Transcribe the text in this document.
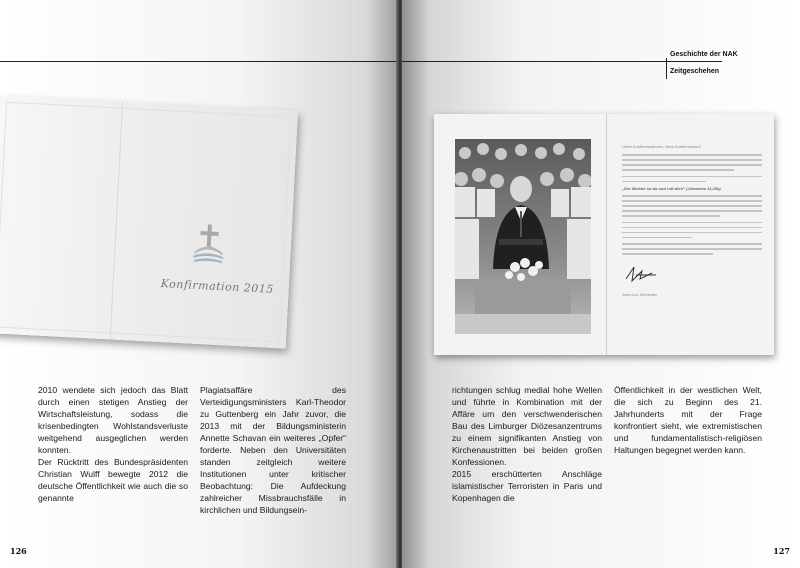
Konfirmation 2015

2010 wendete sich jedoch das Blatt durch einen stetigen Anstieg der Wirtschaftsleistung, sodass die krisenbedingten Wohlstandsverluste weitgehend ausgeglichen werden konnten.

Der Rücktritt des Bundespräsidenten Christian Wulff bewegte 2012 die deutsche Öffentlichkeit wie auch die so genannte

Plagiatsaffäre des Verteidigungsministers Karl-Theodor zu Guttenberg ein Jahr zuvor, die 2013 mit der Bildungsministerin Annette Schavan ein weiteres „Opfer“ forderte. Neben den Universitäten standen zeitgleich weitere Institutionen unter kritischer Beobachtung: Die Aufdeckung zahlreicher Missbrauchsfälle in kirchlichen und Bildungsein-

126
Geschichte der NAK
Zeitgeschehen
Liebe Konfirmandinnen, liebe Konfirmanden!
„Der Meister ist da und ruft dich“ (Johannes 11,28b).
Jean-Luc Schneider

richtungen schlug medial hohe Wellen und führte in Kombination mit der Affäre um den verschwenderischen Bau des Limburger Diözesanzentrums zu einem signifikanten Anstieg von Kirchenaustritten bei beiden großen Konfessionen.

2015 erschütterten Anschläge islamistischer Terroristen in Paris und Kopenhagen die

Öffentlichkeit in der westlichen Welt, die sich zu Beginn des 21. Jahrhunderts mit der Frage konfrontiert sieht, wie extremistischen und fundamentalistisch-religiösen Haltungen begegnet werden kann.

127
